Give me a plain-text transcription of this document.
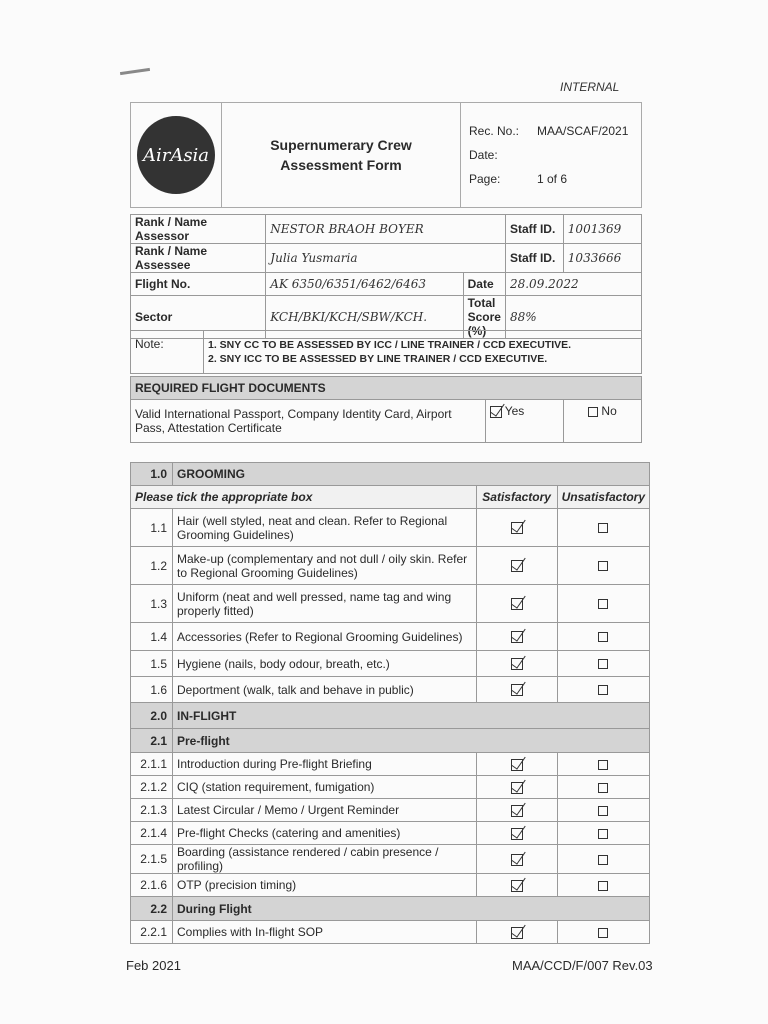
INTERNAL
AirAsia	Supernumerary Crew
Assessment Form

Rec. No.:	MAA/SCAF/2021
Date:
Page:	1 of 6
Rank / Name Assessor	NESTOR BRAOH BOYER		Staff ID.	1001369
Rank / Name Assessee	Julia Yusmaria		Staff ID.	1033666
Flight No.	AK 6350/6351/6462/6463	Date	28.09.2022	
Sector	KCH/BKI/KCH/SBW/KCH.	Total Score (%)	88%	
Note:	1. SNY CC TO BE ASSESSED BY ICC / LINE TRAINER / CCD EXECUTIVE.
2. SNY ICC TO BE ASSESSED BY LINE TRAINER / CCD EXECUTIVE.
REQUIRED FLIGHT DOCUMENTS
Valid International Passport, Company Identity Card, Airport Pass, Attestation Certificate	Yes	No
1.0	GROOMING		
Please tick the appropriate box		Satisfactory	Unsatisfactory
1.1	Hair (well styled, neat and clean. Refer to Regional Grooming Guidelines)		
1.2	Make-up (complementary and not dull / oily skin. Refer to Regional Grooming Guidelines)		
1.3	Uniform (neat and well pressed, name tag and wing properly fitted)		
1.4	Accessories (Refer to Regional Grooming Guidelines)		
1.5	Hygiene (nails, body odour, breath, etc.)		
1.6	Deportment (walk, talk and behave in public)		
2.0	IN-FLIGHT		
2.1	Pre-flight		
2.1.1	Introduction during Pre-flight Briefing		
2.1.2	CIQ (station requirement, fumigation)		
2.1.3	Latest Circular / Memo / Urgent Reminder		
2.1.4	Pre-flight Checks (catering and amenities)		
2.1.5	Boarding (assistance rendered / cabin presence / profiling)		
2.1.6	OTP (precision timing)		
2.2	During Flight		
2.2.1	Complies with In-flight SOP		
Feb 2021	MAA/CCD/F/007 Rev.03
